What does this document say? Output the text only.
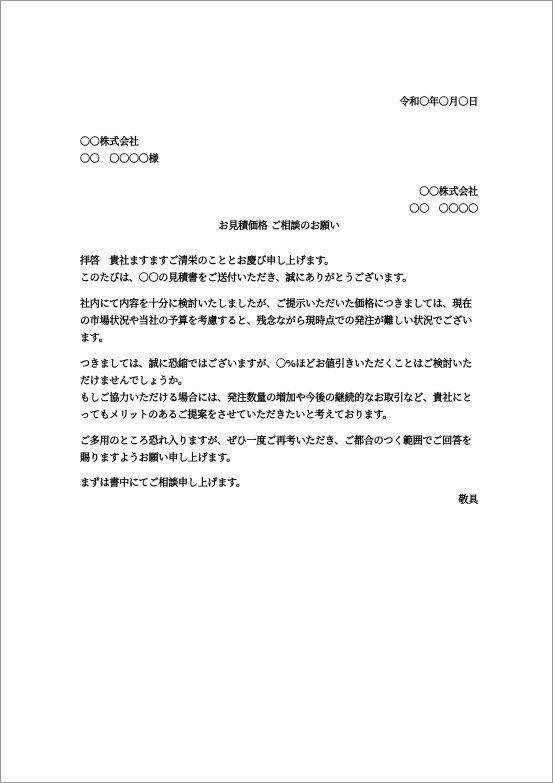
令和〇年〇月〇日
〇〇株式会社
〇〇　〇〇〇〇様
〇〇株式会社
〇〇　〇〇〇〇
お見積価格 ご相談のお願い
拝啓　貴社ますますご清栄のこととお慶び申し上げます。
このたびは、〇〇の見積書をご送付いただき、誠にありがとうございます。
社内にて内容を十分に検討いたしましたが、ご提示いただいた価格につきましては、現在
の市場状況や当社の予算を考慮すると、残念ながら現時点での発注が難しい状況でござい
ます。
つきましては、誠に恐縮ではございますが、〇%ほどお値引きいただくことはご検討いた
だけませんでしょうか。
もしご協力いただける場合には、発注数量の増加や今後の継続的なお取引など、貴社にと
ってもメリットのあるご提案をさせていただきたいと考えております。
ご多用のところ恐れ入りますが、ぜひ一度ご再考いただき、ご都合のつく範囲でご回答を
賜りますようお願い申し上げます。
まずは書中にてご相談申し上げます。
敬具
